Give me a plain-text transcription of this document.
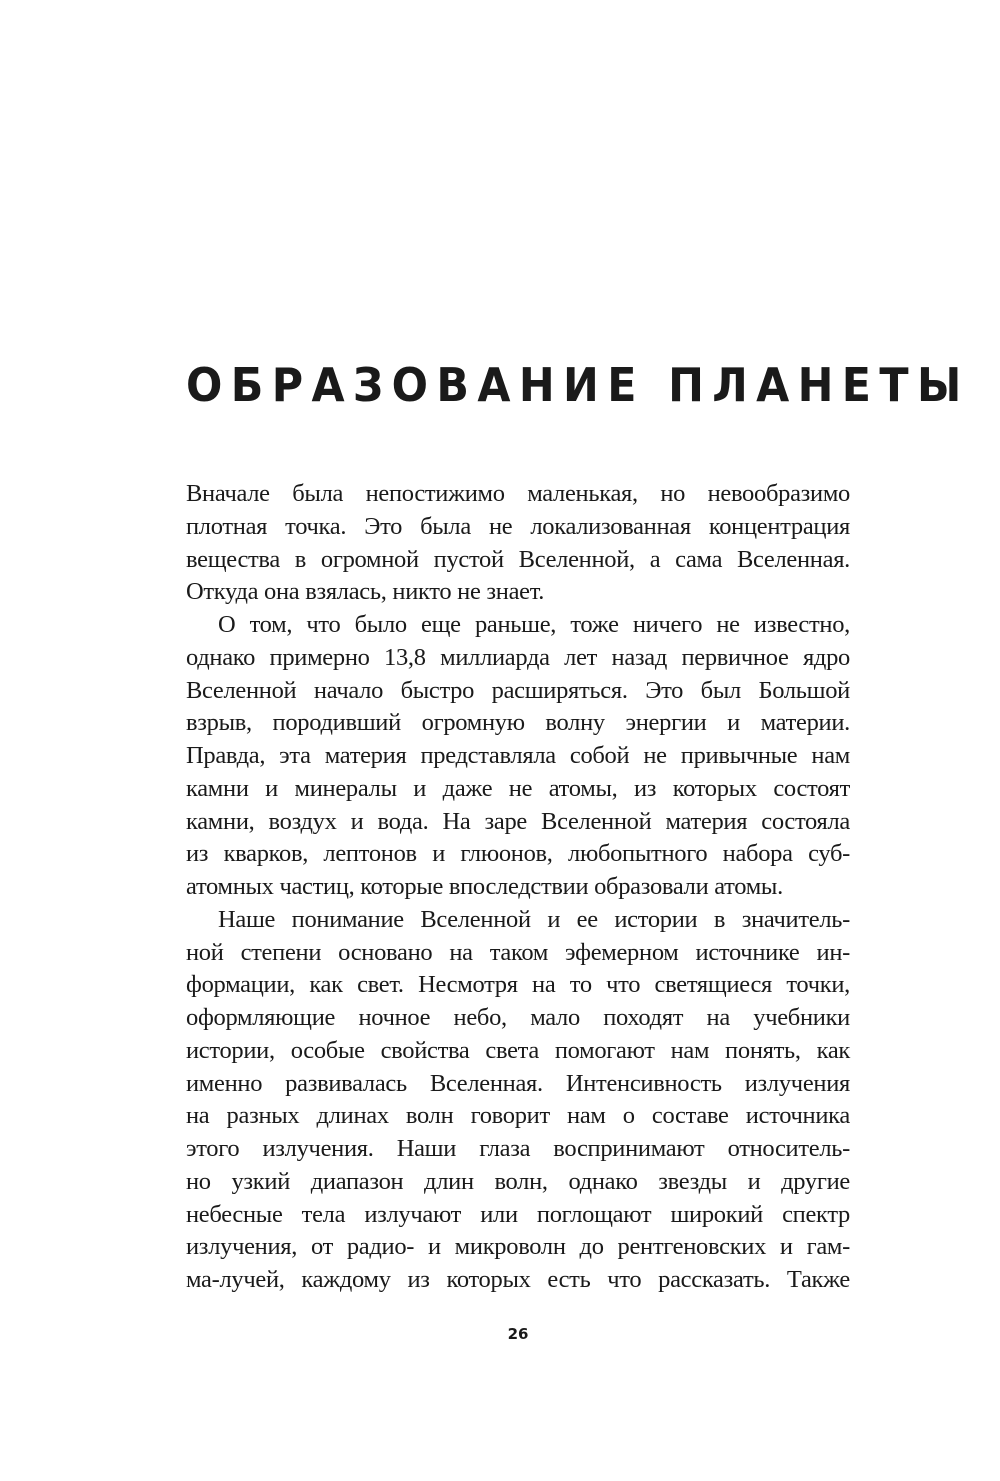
ОБРАЗОВАНИЕ ПЛАНЕТЫ
Вначале была непостижимо маленькая, но невообразимо
плотная точка. Это была не локализованная концентрация
вещества в огромной пустой Вселенной, а сама Вселенная.
Откуда она взялась, никто не знает.
О том, что было еще раньше, тоже ничего не известно,
однако примерно 13,8 миллиарда лет назад первичное ядро
Вселенной начало быстро расширяться. Это был Большой
взрыв, породивший огромную волну энергии и материи.
Правда, эта материя представляла собой не привычные нам
камни и минералы и даже не атомы, из которых состоят
камни, воздух и вода. На заре Вселенной материя состояла
из кварков, лептонов и глюонов, любопытного набора суб-
атомных частиц, которые впоследствии образовали атомы.
Наше понимание Вселенной и ее истории в значитель-
ной степени основано на таком эфемерном источнике ин-
формации, как свет. Несмотря на то что светящиеся точки,
оформляющие ночное небо, мало походят на учебники
истории, особые свойства света помогают нам понять, как
именно развивалась Вселенная. Интенсивность излучения
на разных длинах волн говорит нам о составе источника
этого излучения. Наши глаза воспринимают относитель-
но узкий диапазон длин волн, однако звезды и другие
небесные тела излучают или поглощают широкий спектр
излучения, от радио- и микроволн до рентгеновских и гам-
ма-лучей, каждому из которых есть что рассказать. Также
26
